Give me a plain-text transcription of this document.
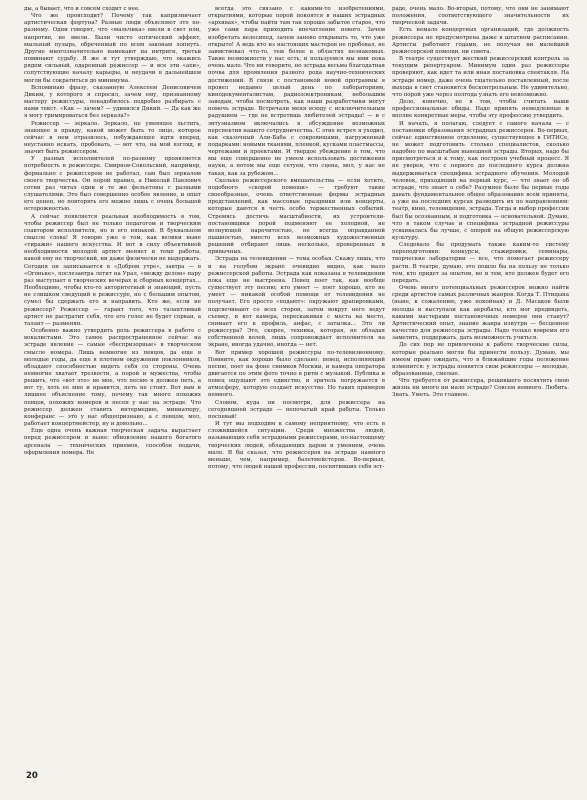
ды, а бывает, что и совсем сходит с нее.

Что же происходит? Почему так капризничает артистическая фортуна? Разные люди объясняют это по-разному. Одни говорят, что «мальчика» ввели в свет или, напротив, не ввели. Были чисто оптический эффект, мыльный пузырь, обреченный по всем законам лопнуть. Другие многозначительно намекают на интриги, третьи поминают судьбу. Я же и тут утверждаю, что окажись рядом сильный, одаренный режиссер — и все эти «ахи», сопутствующие началу карьеры, и неудачи в дальнейшем могли бы сократиться до минимума.

Вспоминаю фразу, сказанную Алексеем Денисовичем Диким, у которого я спросил, зачем ему, признанному мастеру режиссуры, понадобилось подробно разбирать с нами текст. «Как — зачем? — удивился Дикий. — Да как же я могу гримироваться без зеркала?»

Режиссер — зеркало. Зеркало, не умеющее льстить, знающее в правду, какой может быть то лицо, которое сейчас в нем отразилось, побуждающее идти вперед, неустанно искать, пробовать, — вот что, на мой взгляд, и значит быть режиссером.

У разных исполнителей по-разному проявляется потребность в режиссере. Смирнов-Сокольский, например, формально с режиссером не работал, сам был зеркалом своего творчества. Он порой правил, а Николай Павлович сотни раз читал одни и те же фельетоны с разными слушателями. Это был совершенно особое явление, и опыт его ценен, но повторять его можно лишь с очень большой осторожностью.

А сейчас появляется реальная необходимость в том, чтобы режиссер был не только педагогом и творческим соавтором исполнителя, но и его нянькой. В буквальном смысле слова! Я говорю уже о том, как велики ныне «тиражи» нашего искусства. И вот в силу объективной необходимости молодой артист меняет и темп работы, какой ему не творческий, ни даже физически не выдержать. Сегодня он записывается в «Добром утре», завтра — в «Огоньке», послезавтра летит на Урал, «между делом» пару раз выступает в творческих вечерах и сборных концертах… Необходимо, чтобы кто-то авторитетный и знающий, пусть не слишком сведущий в режиссуре, но с большим опытом, сумел бы сдержать его и направить. Кто же, если не режиссер? Режиссер — гарант того, что талантливый артист не растратит себя, что его голос не будет сорван, а талант — разменян.

Особенно важно утвердить роль режиссера в работе с вокалистами. Это самое распространенное сейчас на эстраде явление — самые «беспризорные» в творческом смысле номера. Лишь немногие из певцов, да еще в молодые годы, да еще в плотном окружении поклонников, обладают способностью видеть себя со стороны. Очень немногие хватает трезвости, а порой и мужества, чтобы решить, что «вот это» не мое, что песню я должен петь, а вот ту, хоть ее мне и нравится, петь не стоит. Вот вам и лишнее объяснение тому, почему так много похожих певцов, похожих номеров и песен у нас на эстраде. Что режиссер должен ставить интермедию, миниатюру, конферанс — это у нас общепризнано, а с певцом, мол, работает концертмейстер, ну и довольно…

Еще одна очень важная творческая задача вырастает перед режиссером и ныне: обновление нашего богатого арсенала — технических приемов, способов подачи, оформления номера. Не

всегда это связано с какими-то изобретениями, открытиями, которые порой покоятся в наших эстрадных «архивах», чтобы найти там так хорошо забытое старое, что уже сами пара приходить впечатление нового. Зачем изобретать велосипед, зачем заново открывать то, что уже открыто! А ведь кто из настоящих мастеров не пробовал, не заимствовал что-то, тем более в областях незнакомых. Такие возможности у нас есть, и пользуемся мы ими пока очень мало. Что ни говорите, но эстрада весьма благодатная почва для проявления разного рода научно-технических достижений. В связи с постановкой новой программы я провел недавно целый день по лабораториям, кинодокументалистам, радиоэлектроникам, небольшим заводам, чтобы посмотреть, как наши разработчики могут помочь эстраде. Встречали меня всюду с исключительным радушием — где не встретишь любителей эстрады! — и с энтузиазмом включались в обсуждение возможных перспектив нашего сотрудничества. С этих встреч я уходил, как сказочный Али-Баба с сокровищами, нагруженный подарками: новыми тканями, пленкой, кусками пластмассы, чертежами и проектами. И твердое убеждение в том, что мы еще совершенно не умеем использовать достижения науки, а потом мы еще сетуем, что сцена, мол, у нас не такая, как за рубежом…

Сколько режиссерского вмешательства — если хотите, подобного «скорой помощи» — требуют такие своеобразные, очень ответственные формы эстрадных представлений, как массовые праздники или концерты, которые даются в честь особо торжественных событий. Стремясь достичь масштабности, их устроители-постановщики порой подменяют ее холодной, не волнующей нарочитостью, не всегда оправданной пышностью, вместо всех возможных художественных решений отбирают лишь несколько, проверенных и привычных.

Эстрада на телевидении — тема особая. Скажу лишь, что и на голубом экране очевидно видно, как мало режиссерской работы. Эстрада как показана в телевидении пока еще не выстроена. Певец поет так, как вообще существует эту песню; кто умеет — поет хорошо, кто не умеет — никакой особой помощи от телевидения не получает. Его просто «подают»: окружают драпировками, подсвечивают со всех сторон, затем вокруг него ведут съемку, и вот камера, перескакивая с места на место, снимает его в профиль, анфас, с затылка… Это ли режиссура? Это, скорее, техника, которая, не обладая собственной волей, лишь сопровождает исполнителя на экране, иногда удачно, иногда — нет.

Вот пример хорошей режиссуры по-телевизионному. Помните, как хорошо было сделано: певец, исполняющий песню, поет на фоне снимков Москвы, и камера оператора двигается по этим фото точно в ритм с музыкой. Публика и певец ощущают это единство, и зритель погружается в атмосферу, которую создает искусство. Но таких примеров немного.

Словом, куда ни посмотри, для режиссера на сегодняшней эстраде — непочатый край работы. Только поспевай!

И тут мы подходим к самому неприятному, что есть в сложившейся ситуации. Среди множества людей, называющих себя эстрадными режиссерами, по-настоящему творческих людей, обладающих даром и умением, очень мало. Я бы сказал, что режиссеров на эстраде намного меньше, чем, например, балетмейстеров. Во-первых, потому, что людей нашей профессии, посвятивших себя эст-

раде, очень мало. Во-вторых, потому, что они не занимают положения, соответствующего значительности их творческой задачи.

Есть немало концертных организаций, где должность режиссера не предусмотрена даже в штатном расписании. Артисты работают годами, не получая ни малейшей режиссерской помощи, ни совета.

В театре существует жесткий режиссерский контроль за текущим репертуаром. Минимум один раз режиссеры проверяют, как идет та или иная постановка спектакля. На эстраде номер, даже очень тщательно поставленный, после выхода в свет становится бесконтрольным. Не удивительно, что порой уже через полгода узнать его невозможно.

Дело, конечно, не в том, чтобы считать наши профессиональные обиды. Надо принять немедленные и вполне конкретные меры, чтобы эту профессию утвердить.

И начать, я полагаю, следует с самого начала — с постановки образования эстрадных режиссеров. Во-первых, сейчас единственное отделение, существующее в ГИТИСе, не может подготовить столько специалистов, сколько надобно по масштабам нынешней эстрады. Вторых, надо бы присмотреться и к тому, как построен учебный процесс. Я не уверен, что с первого до последнего курса должна выдерживаться специфика эстрадного обучения. Молодой человек, приходящий на первый курс, — что знает он об эстраде, что знает о себе? Разумнее было бы первые годы давать фундаментальное общее образование всем приняты, а уже на последних курсах разводить их по направлениям: театр, кино, телевидение, эстрада. Тогда и выбор профессии был бы осознанным, и подготовка — основательной. Думаю, что в таком случае и специфика эстрадной режиссуры усваивалась бы лучше, с опорой на общую режиссерскую культуру.

Следовало бы продумать также каким-то систему переподготовки: конкурсы, стажировки, семинары, творческие лаборатории — все, что помогает режиссеру расти. В театре, думаю, это пошло бы на пользу не только тем, кто придет за опытом, но и тем, кто должен будет его передать.

Очень много потенциальных режиссеров можно найти среди артистов самых различных жанров. Когда Т. Птицына (ныне, к сожалению, уже покойная) и Д. Масаков были молоды и выступали как акробаты, кто мог предвидеть, какими мастерами постановочных номеров они станут? Артистический опыт, знание жанра изнутри — бесценное качество для режиссера эстрады. Надо только вовремя его заметить, поддержать, дать возможность учиться.

До сих пор не привлечены к работе творческие силы, которые реально могли бы принести пользу. Думаю, мы имеем право ожидать, что в ближайшие годы положение изменится: у эстрады появятся свои режиссеры — молодые, образованные, смелые.

Что требуется от режиссера, решившего посвятить свою жизнь ни много ни мало эстраде? Совсем немного. Любить. Знать. Уметь. Это главное.

20
